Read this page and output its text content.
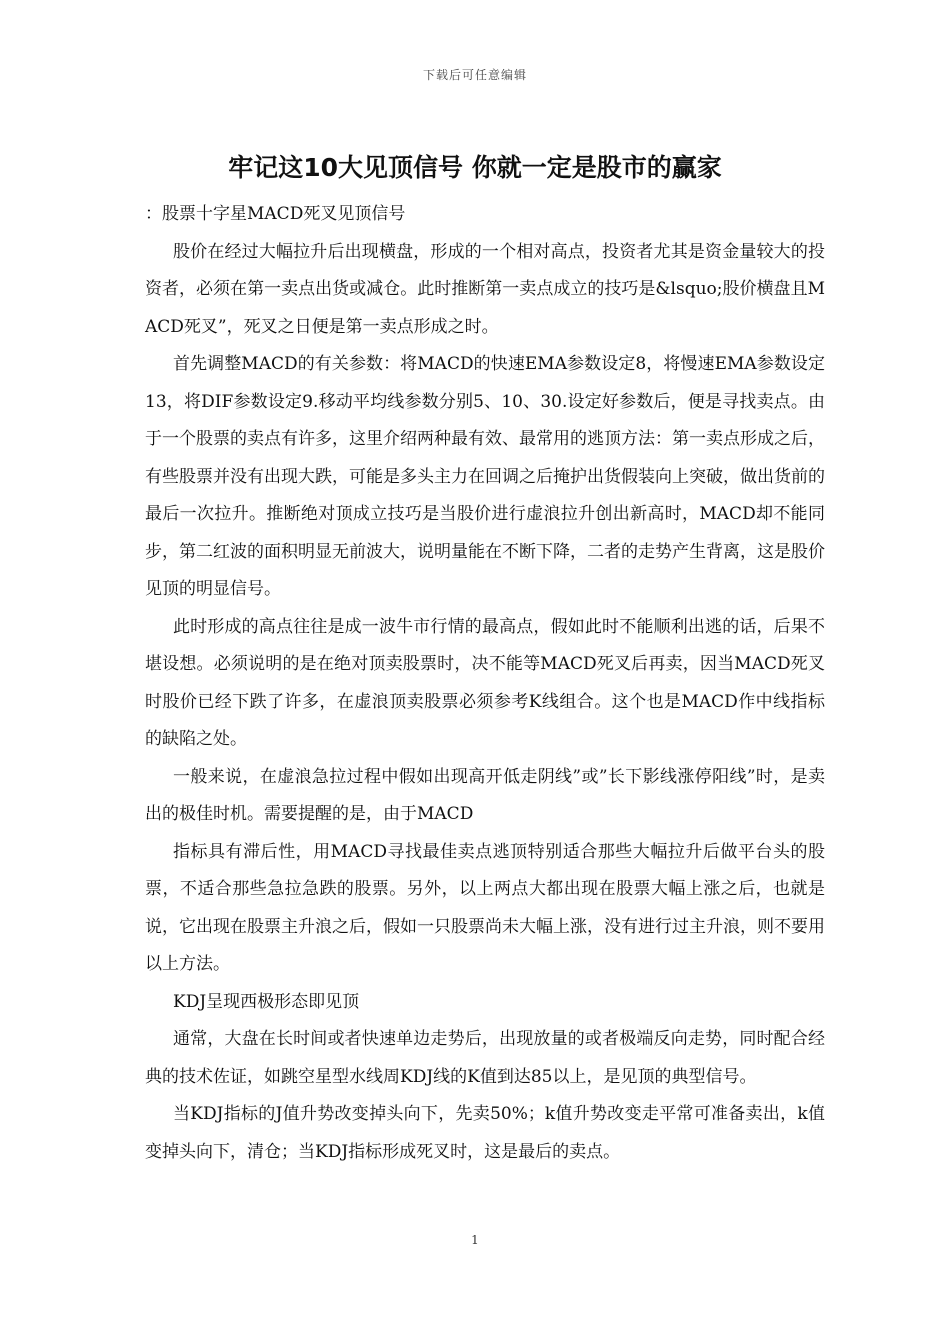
下载后可任意编辑
牢记这10大见顶信号 你就一定是股市的赢家

：股票十字星MACD死叉见顶信号

股价在经过大幅拉升后出现横盘，形成的一个相对高点，投资者尤其是资金量较大的投资者，必须在第一卖点出货或减仓。此时推断第一卖点成立的技巧是&lsquo;股价横盘且MACD死叉”，死叉之日便是第一卖点形成之时。

首先调整MACD的有关参数：将MACD的快速EMA参数设定8，将慢速EMA参数设定13，将DIF参数设定9.移动平均线参数分别5、10、30.设定好参数后，便是寻找卖点。由于一个股票的卖点有许多，这里介绍两种最有效、最常用的逃顶方法：第一卖点形成之后，有些股票并没有出现大跌，可能是多头主力在回调之后掩护出货假装向上突破，做出货前的最后一次拉升。推断绝对顶成立技巧是当股价进行虚浪拉升创出新高时，MACD却不能同步，第二红波的面积明显无前波大，说明量能在不断下降，二者的走势产生背离，这是股价见顶的明显信号。

此时形成的高点往往是成一波牛市行情的最高点，假如此时不能顺利出逃的话，后果不堪设想。必须说明的是在绝对顶卖股票时，决不能等MACD死叉后再卖，因当MACD死叉时股价已经下跌了许多，在虚浪顶卖股票必须参考K线组合。这个也是MACD作中线指标的缺陷之处。

一般来说，在虚浪急拉过程中假如出现高开低走阴线”或”长下影线涨停阳线”时，是卖出的极佳时机。需要提醒的是，由于MACD

指标具有滞后性，用MACD寻找最佳卖点逃顶特别适合那些大幅拉升后做平台头的股票，不适合那些急拉急跌的股票。另外，以上两点大都出现在股票大幅上涨之后，也就是说，它出现在股票主升浪之后，假如一只股票尚未大幅上涨，没有进行过主升浪，则不要用以上方法。

KDJ呈现西极形态即见顶

通常，大盘在长时间或者快速单边走势后，出现放量的或者极端反向走势，同时配合经典的技术佐证，如跳空星型水线周KDJ线的K值到达85以上，是见顶的典型信号。

当KDJ指标的J值升势改变掉头向下，先卖50%；k值升势改变走平常可准备卖出，k值变掉头向下，清仓；当KDJ指标形成死叉时，这是最后的卖点。

1
